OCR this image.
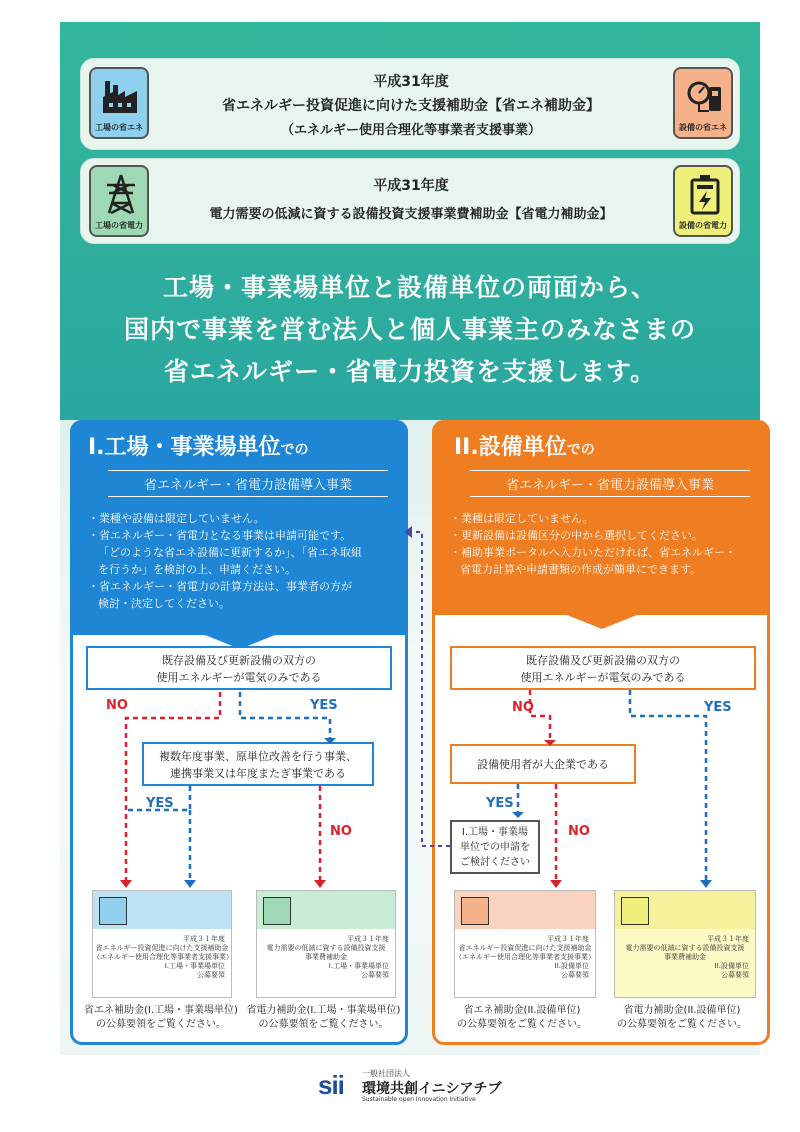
工場の省エネ
平成31年度
省エネルギー投資促進に向けた支援補助金【省エネ補助金】
（エネルギー使用合理化等事業者支援事業）	設備の省エネ
工場の省電力
平成31年度
電力需要の低減に資する設備投資支援事業費補助金【省電力補助金】
設備の省電力
工場・事業場単位と設備単位の両面から、
国内で事業を営む法人と個人事業主のみなさまの
省エネルギー・省電力投資を支援します。
I.工場・事業場単位での
省エネルギー・省電力設備導入事業
・業種や設備は限定していません。
・省エネルギー・省電力となる事業は申請可能です。
「どのような省エネ設備に更新するか」、「省エネ取組
を行うか」を検討の上、申請ください。
・省エネルギー・省電力の計算方法は、事業者の方が
検討・決定してください。
既存設備及び更新設備の双方の
使用エネルギーが電気のみである
複数年度事業、原単位改善を行う事業、
連携事業又は年度またぎ事業である
NO	YES
YES
NO
平成３１年度
省エネルギー投資促進に向けた支援補助金
（エネルギー使用合理化等事業者支援事業）
I.工場・事業場単位
公募要領
平成３１年度
電力需要の低減に資する設備投資支援
事業費補助金
I.工場・事業場単位
公募要領
省エネ補助金(I.工場・事業場単位)
の公募要領をご覧ください。
省電力補助金(I.工場・事業場単位)
の公募要領をご覧ください。
II.設備単位での
省エネルギー・省電力設備導入事業
・業種は限定していません。
・更新設備は設備区分の中から選択してください。
・補助事業ポータルへ入力いただければ、省エネルギー・
省電力計算や申請書類の作成が簡単にできます。
既存設備及び更新設備の双方の
使用エネルギーが電気のみである
設備使用者が大企業である
I.工場・事業場
単位での申請を
ご検討ください
NO	YES
YES
NO
平成３１年度
省エネルギー投資促進に向けた支援補助金
（エネルギー使用合理化等事業者支援事業）
II.設備単位
公募要領
平成３１年度
電力需要の低減に資する設備投資支援
事業費補助金
II.設備単位
公募要領
省エネ補助金(II.設備単位)
の公募要領をご覧ください。
省電力補助金(II.設備単位)
の公募要領をご覧ください。
sii 一般社団法人
環境共創イニシアチブ
Sustainable open Innovation Initiative
